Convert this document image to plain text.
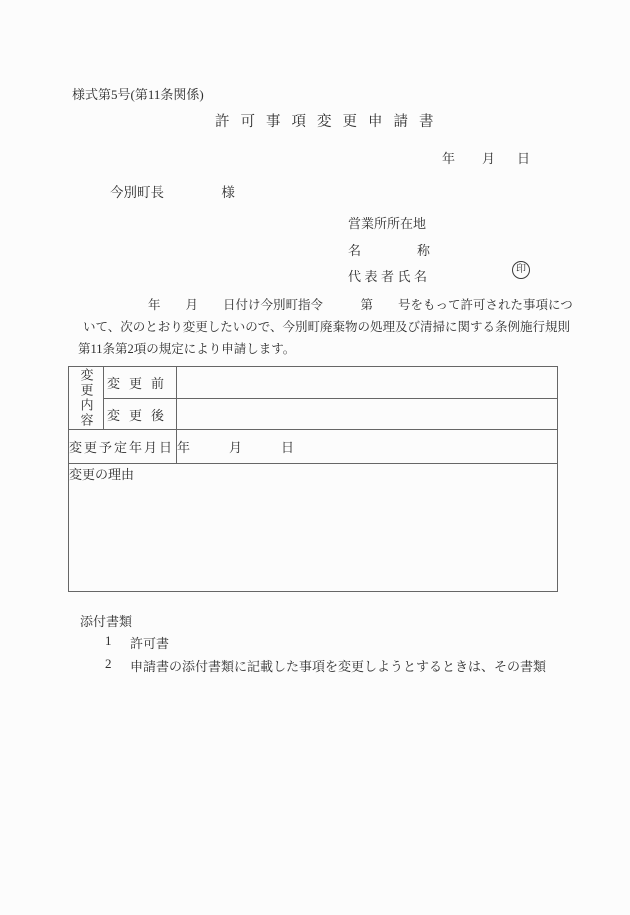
様式第5号(第11条関係)
許可事項変更申請書
年 月 日
今別町長	様
営業所所在地
名称
代表者氏名	印
年　　月　　日付け今別町指令　　　第　　号をもって許可された事項につ
いて、次のとおり変更したいので、今別町廃棄物の処理及び清掃に関する条例施行規則
第11条第2項の規定により申請します。
変更内容	変更前	
	変更後	
変更予定年月日		年　　　月　　　日

変更の理由		
添付書類
1	許可書
2	申請書の添付書類に記載した事項を変更しようとするときは、その書類
